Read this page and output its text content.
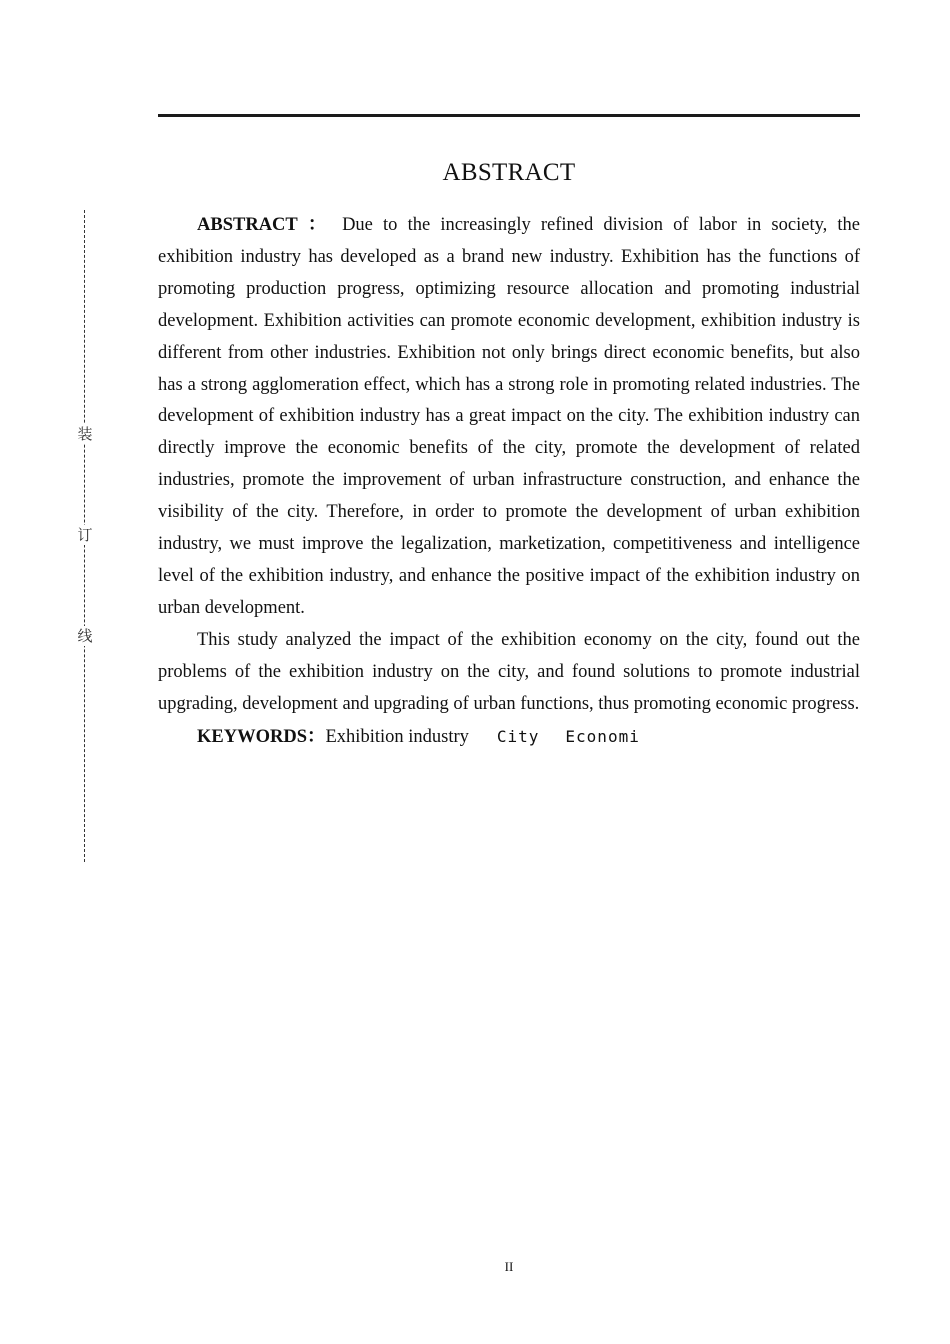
装
订
线
ABSTRACT

ABSTRACT ： Due to the increasingly refined division of labor in society, the exhibition industry has developed as a brand new industry. Exhibition has the functions of promoting production progress, optimizing resource allocation and promoting industrial development. Exhibition activities can promote economic development, exhibition industry is different from other industries. Exhibition not only brings direct economic benefits, but also has a strong agglomeration effect, which has a strong role in promoting related industries. The development of exhibition industry has a great impact on the city. The exhibition industry can directly improve the economic benefits of the city, promote the development of related industries, promote the improvement of urban infrastructure construction, and enhance the visibility of the city. Therefore, in order to promote the development of urban exhibition industry, we must improve the legalization, marketization, competitiveness and intelligence level of the exhibition industry, and enhance the positive impact of the exhibition industry on urban development.

This study analyzed the impact of the exhibition economy on the city, found out the problems of the exhibition industry on the city, and found solutions to promote industrial upgrading, development and upgrading of urban functions, thus promoting economic progress.

KEYWORDS：Exhibition industry City Economi

II
